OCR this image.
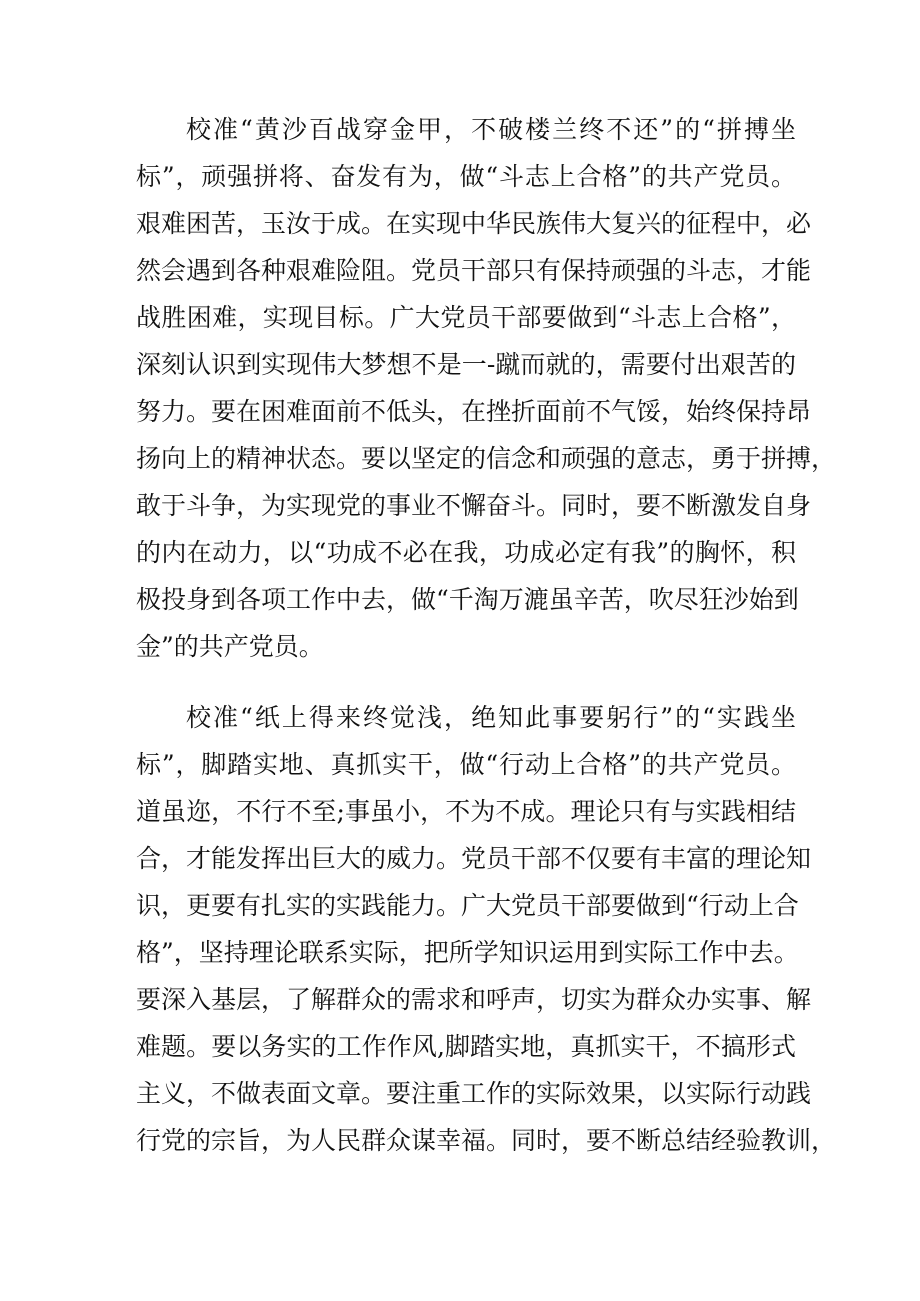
校准“黄沙百战穿金甲，不破楼兰终不还”的“拼搏坐
标”，顽强拼将、奋发有为，做“斗志上合格”的共产党员。
艰难困苦，玉汝于成。在实现中华民族伟大复兴的征程中，必
然会遇到各种艰难险阻。党员干部只有保持顽强的斗志，才能
战胜困难，实现目标。广大党员干部要做到“斗志上合格”，
深刻认识到实现伟大梦想不是一-蹴而就的，需要付出艰苦的
努力。要在困难面前不低头，在挫折面前不气馁，始终保持昂
扬向上的精神状态。要以坚定的信念和顽强的意志，勇于拼搏，
敢于斗争，为实现党的事业不懈奋斗。同时，要不断激发自身
的内在动力，以“功成不必在我，功成必定有我”的胸怀，积
极投身到各项工作中去，做“千淘万漉虽辛苦，吹尽狂沙始到
金”的共产党员。
校准“纸上得来终觉浅，绝知此事要躬行”的“实践坐
标”，脚踏实地、真抓实干，做“行动上合格”的共产党员。
道虽迩，不行不至;事虽小，不为不成。理论只有与实践相结
合，才能发挥出巨大的威力。党员干部不仅要有丰富的理论知
识，更要有扎实的实践能力。广大党员干部要做到“行动上合
格”，坚持理论联系实际，把所学知识运用到实际工作中去。
要深入基层，了解群众的需求和呼声，切实为群众办实事、解
难题。要以务实的工作作风,脚踏实地，真抓实干，不搞形式
主义，不做表面文章。要注重工作的实际效果，以实际行动践
行党的宗旨，为人民群众谋幸福。同时，要不断总结经验教训，
